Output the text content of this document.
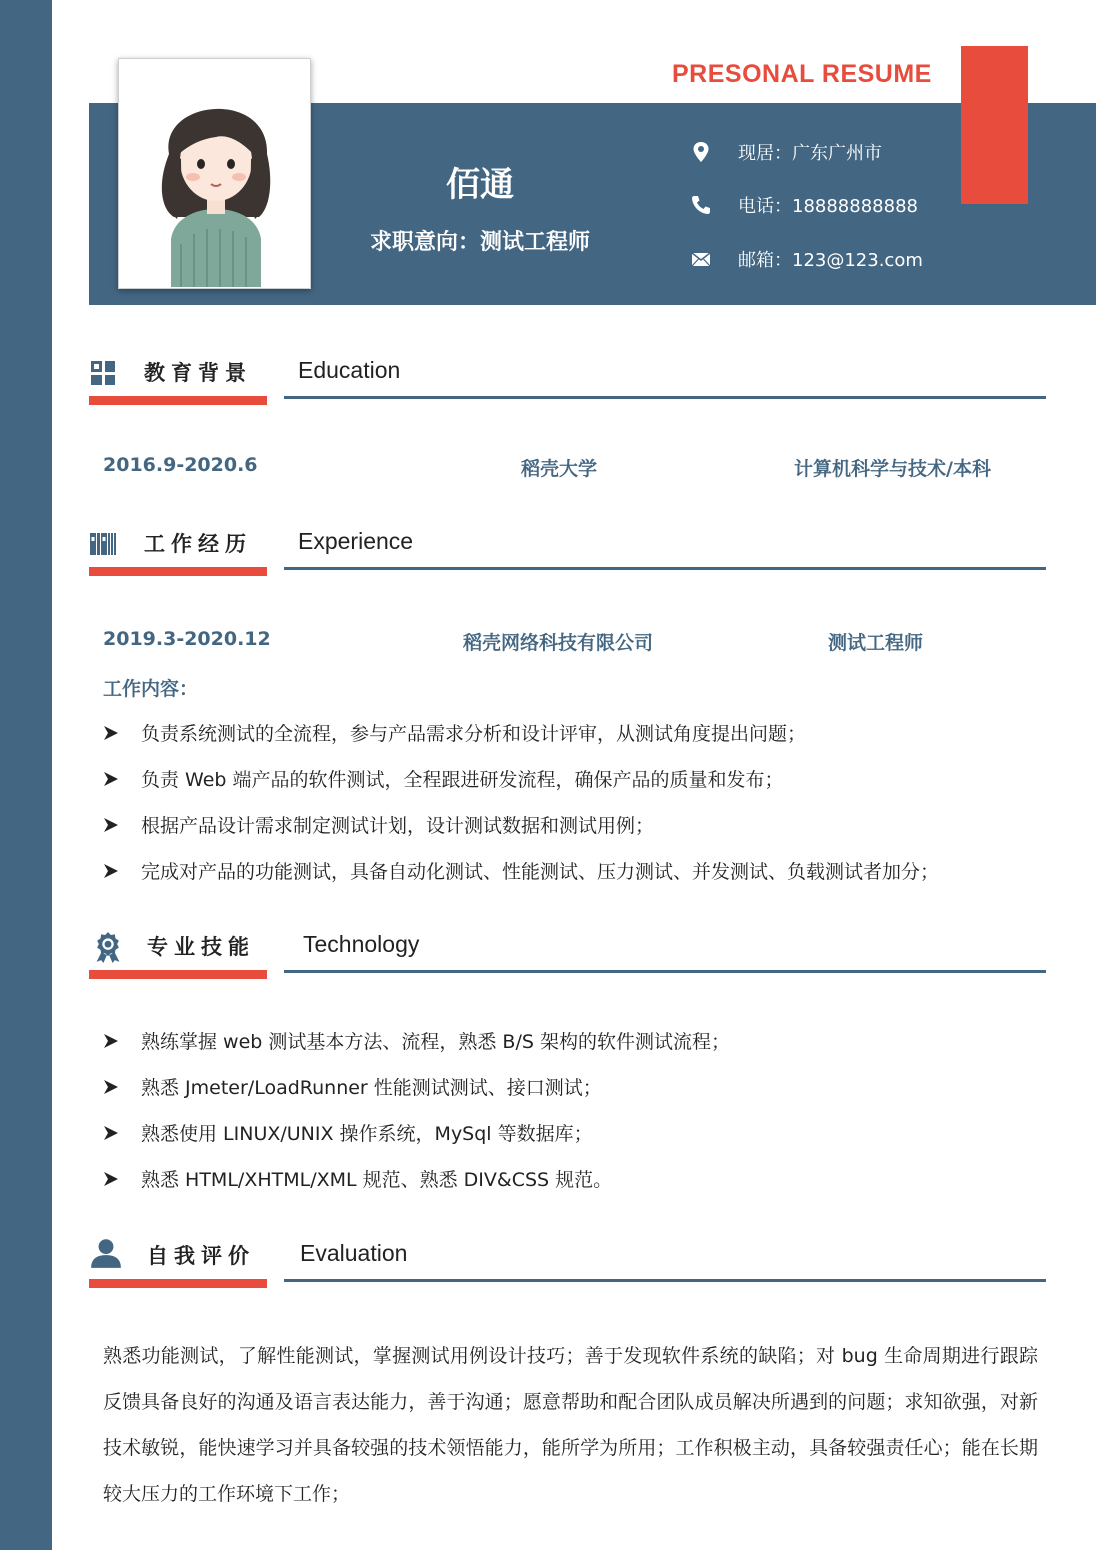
PRESONAL RESUME
佰通
求职意向：测试工程师
现居：广东广州市
电话：18888888888
邮箱：123@123.com
教育背景 Education
2016.9-2020.6	稻壳大学	计算机科学与技术/本科
工作经历 Experience
2019.3-2020.12	稻壳网络科技有限公司	测试工程师
工作内容：
负责系统测试的全流程，参与产品需求分析和设计评审，从测试角度提出问题；
负责 Web 端产品的软件测试，全程跟进研发流程，确保产品的质量和发布；
根据产品设计需求制定测试计划，设计测试数据和测试用例；
完成对产品的功能测试，具备自动化测试、性能测试、压力测试、并发测试、负载测试者加分；
专业技能 Technology
熟练掌握 web 测试基本方法、流程，熟悉 B/S 架构的软件测试流程；
熟悉 Jmeter/LoadRunner 性能测试测试、接口测试；
熟悉使用 LINUX/UNIX 操作系统，MySql 等数据库；
熟悉 HTML/XHTML/XML 规范、熟悉 DIV&CSS 规范。
自我评价 Evaluation

熟悉功能测试，了解性能测试，掌握测试用例设计技巧；善于发现软件系统的缺陷；对 bug 生命周期进行跟踪反馈具备良好的沟通及语言表达能力，善于沟通；愿意帮助和配合团队成员解决所遇到的问题；求知欲强，对新技术敏锐，能快速学习并具备较强的技术领悟能力，能所学为所用；工作积极主动，具备较强责任心；能在长期较大压力的工作环境下工作；
